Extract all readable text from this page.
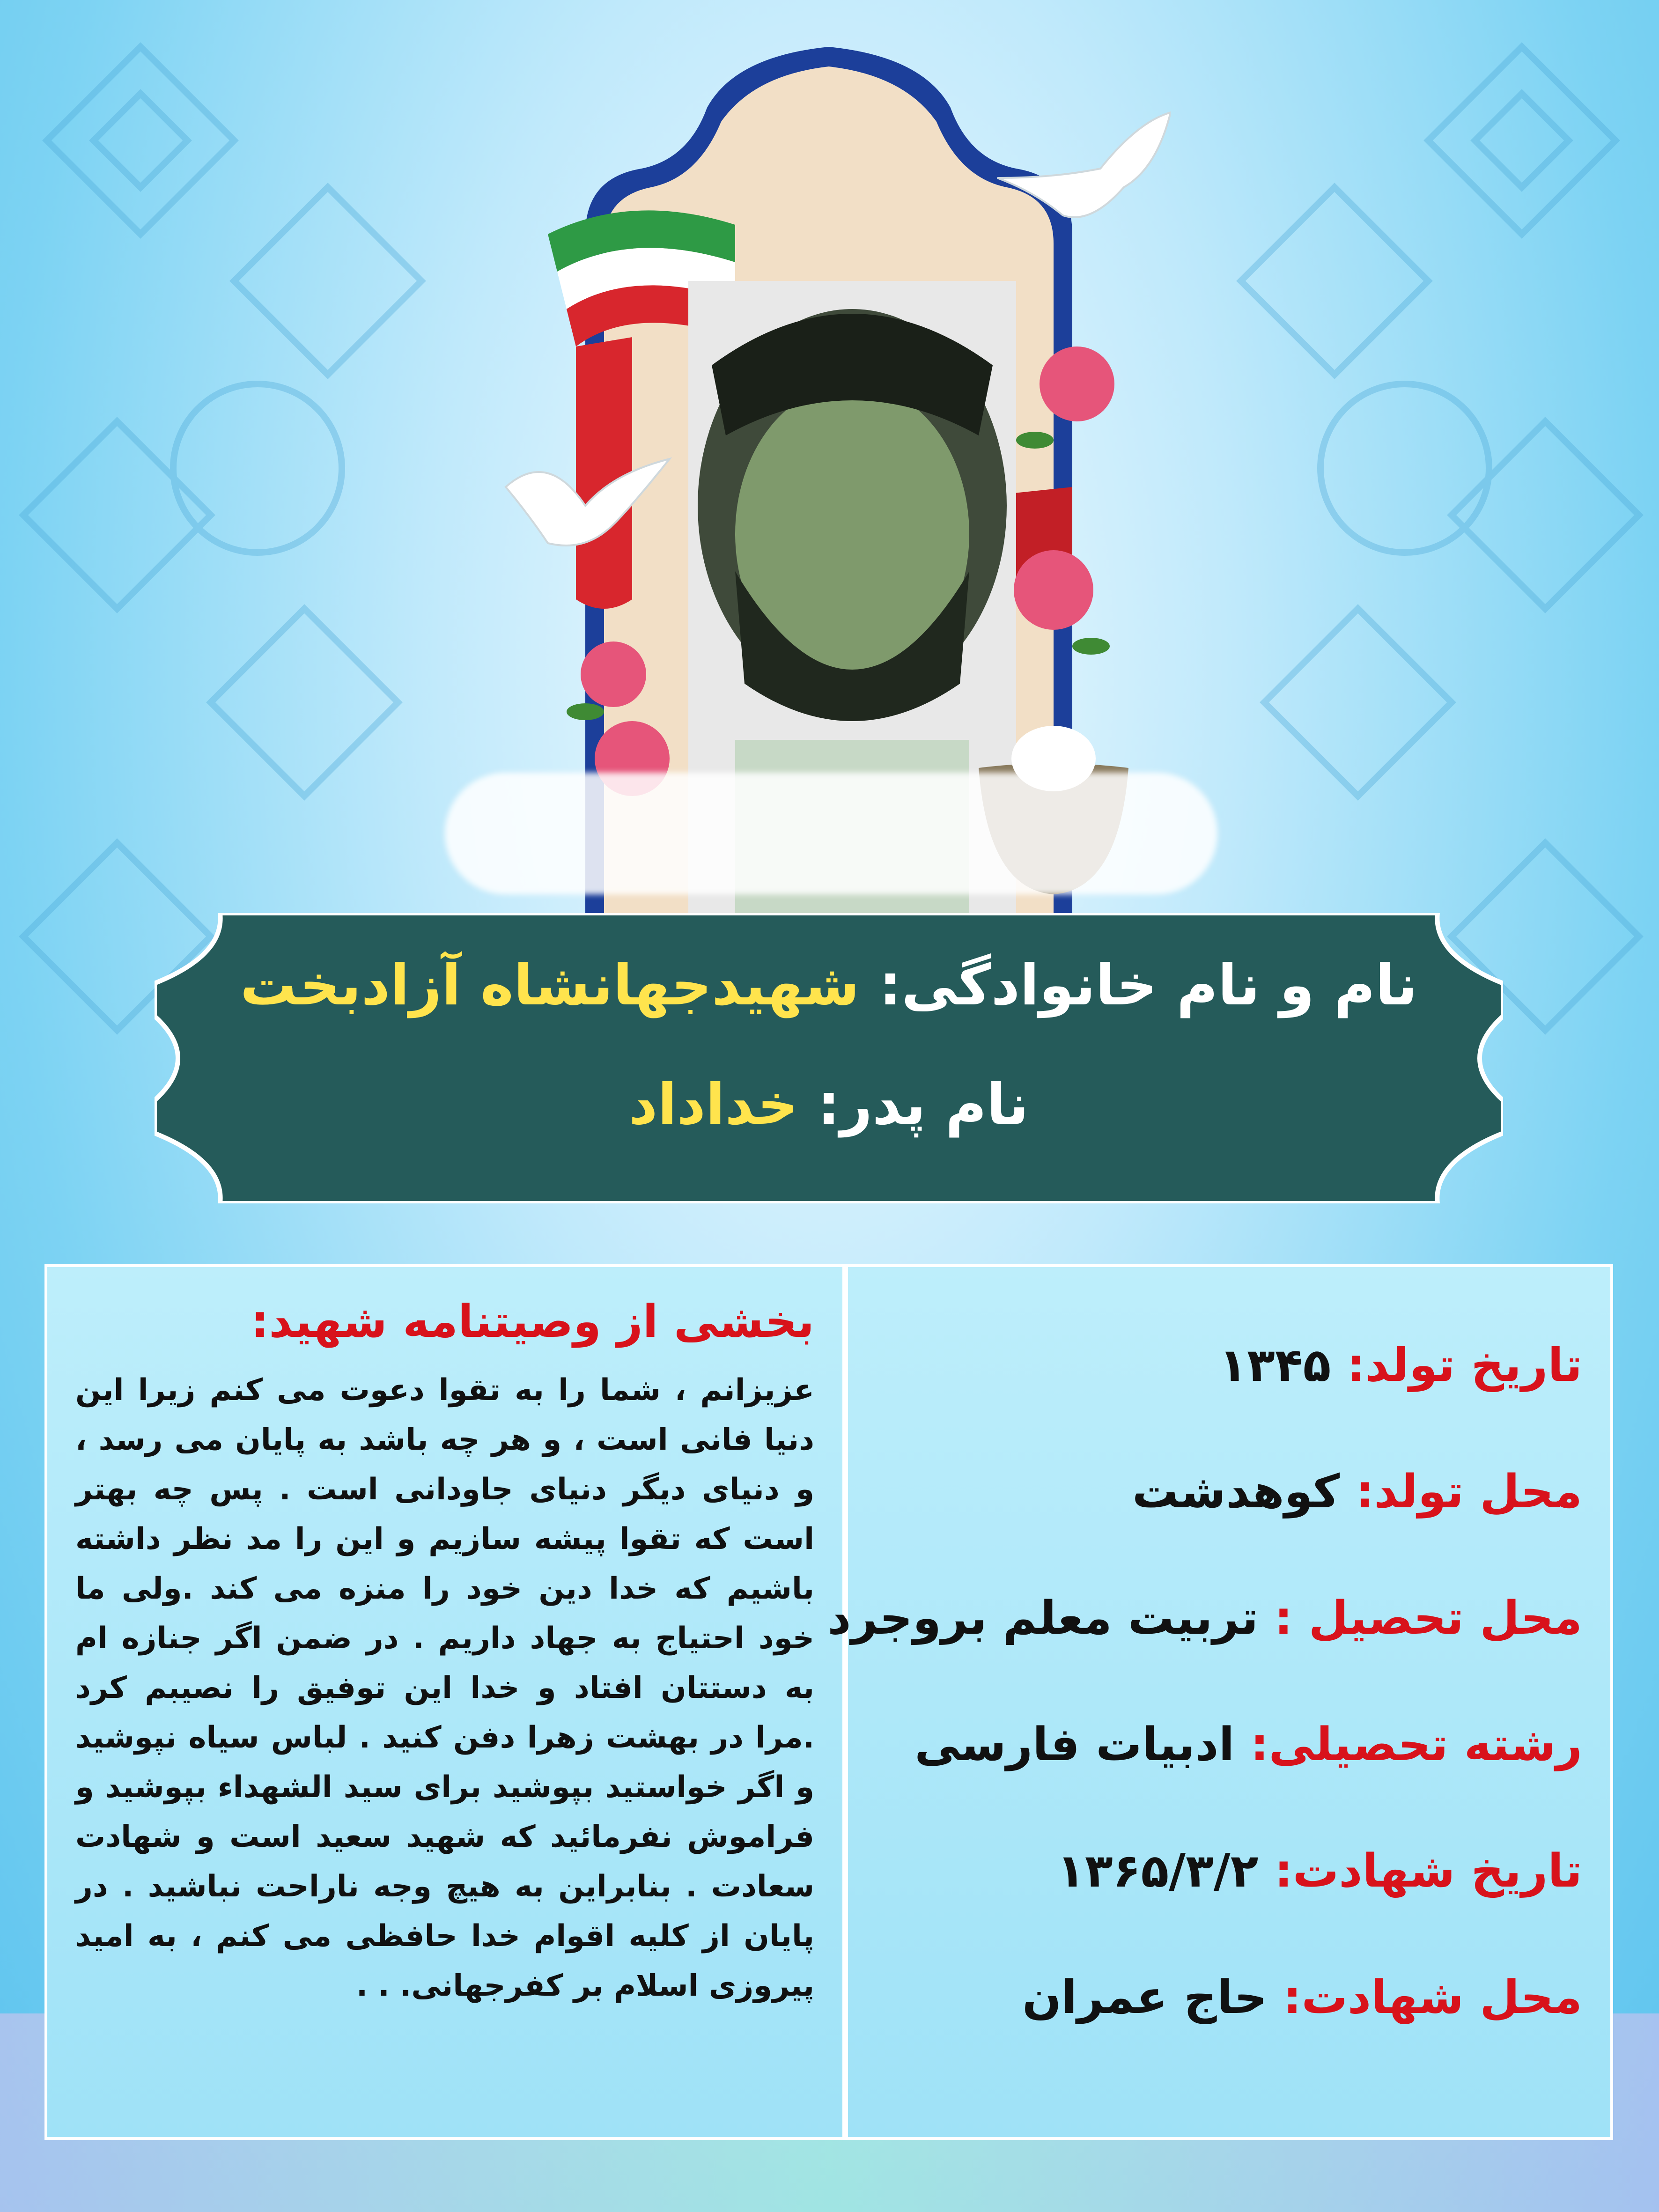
نام و نام خانوادگی: شهیدجهانشاه آزادبخت
نام پدر: خداداد
بخشی از وصیتنامه شهید:
عزیزانم ، شما را به تقوا دعوت می کنم زیرا این دنیا فانی است ، و هر چه باشد به پایان می رسد ، و دنیای دیگر دنیای جاودانی است . پس چه بهتر است که تقوا پیشه سازیم و این را مد نظر داشته باشیم که خدا دین خود را منزه می کند .ولی ما خود احتیاج به جهاد داریم . در ضمن اگر جنازه ام به دستتان افتاد و خدا این توفیق را نصیبم کرد .مرا در بهشت زهرا دفن کنید . لباس سیاه نپوشید و اگر خواستید بپوشید برای سید الشهداء بپوشید و فراموش نفرمائید که شهید سعید است و شهادت سعادت . بنابراین به هیچ وجه ناراحت نباشید . در پایان از کلیه اقوام خدا حافظی می کنم ، به امید پیروزی اسلام بر کفرجهانی. . .
تاریخ تولد: ۱۳۴۵
محل تولد: کوهدشت
محل تحصیل : تربیت معلم بروجرد
رشته تحصیلی: ادبیات فارسی
تاریخ شهادت: ۱۳۶۵/۳/۲
محل شهادت: حاج عمران
